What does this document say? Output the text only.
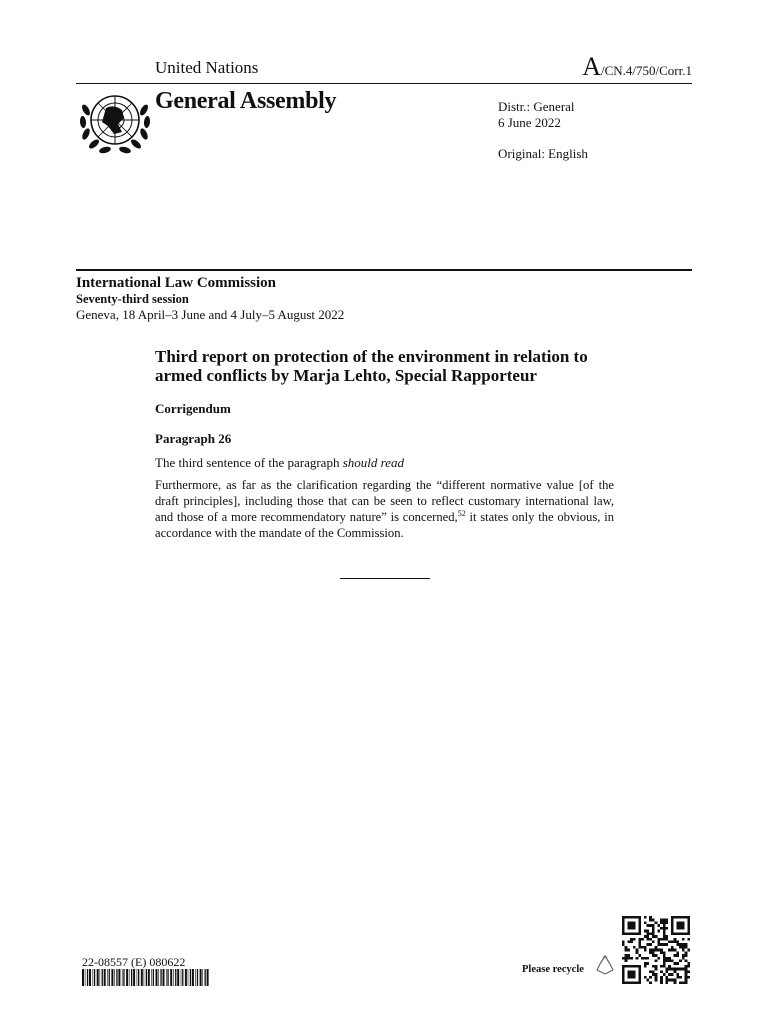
United Nations	A/CN.4/750/Corr.1
General Assembly	Distr.: General
6 June 2022
Original: English
International Law Commission
Seventy-third session
Geneva, 18 April–3 June and 4 July–5 August 2022
Third report on protection of the environment in relation to armed conflicts by Marja Lehto, Special Rapporteur
Corrigendum
Paragraph 26
The third sentence of the paragraph should read
Furthermore, as far as the clarification regarding the “different normative value [of the draft principles], including those that can be seen to reflect customary international law, and those of a more recommendatory nature” is concerned,$^{52}$ it states only the obvious, in accordance with the mandate of the Commission.
22-08557 (E) 080622
Please recycle
